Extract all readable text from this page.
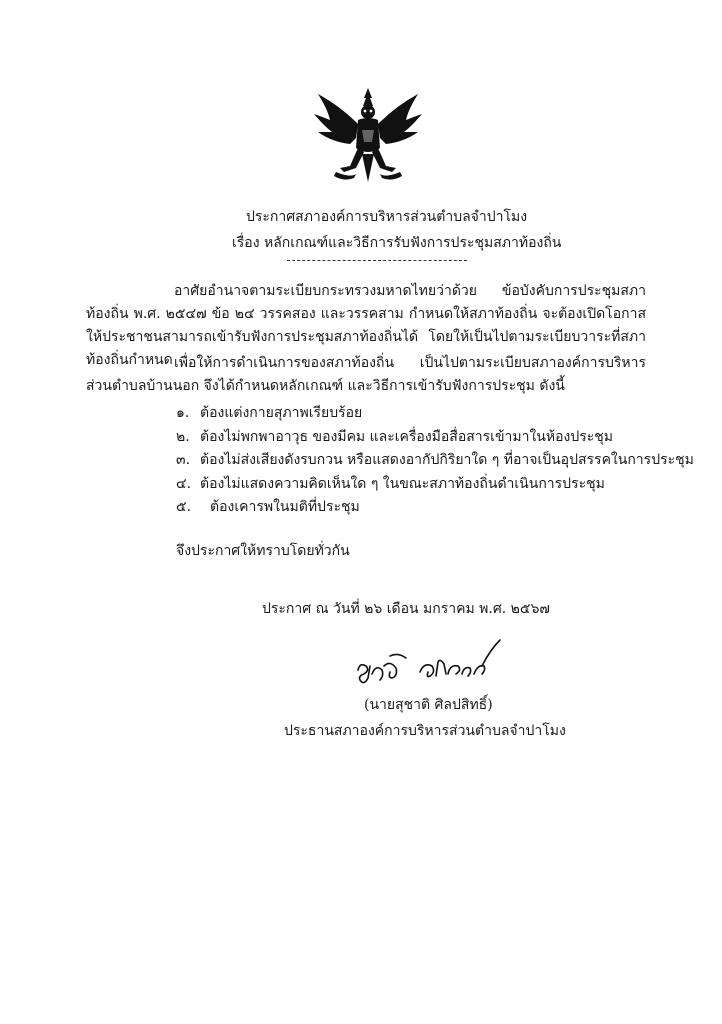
ประกาศสภาองค์การบริหารส่วนตำบลจำปาโมง
เรื่อง หลักเกณฑ์และวิธีการรับฟังการประชุมสภาท้องถิ่น
อาศัยอำนาจตามระเบียบกระทรวงมหาดไทยว่าด้วย ข้อบังคับการประชุมสภาท้องถิ่น พ.ศ. ๒๕๔๗ ข้อ ๒๔ วรรคสอง และวรรคสาม กำหนดให้สภาท้องถิ่น จะต้องเปิดโอกาสให้ประชาชนสามารถเข้ารับฟังการประชุมสภาท้องถิ่นได้ โดยให้เป็นไปตามระเบียบวาระที่สภาท้องถิ่นกำหนด เพื่อให้การดำเนินการของสภาท้องถิ่น เป็นไปตามระเบียบสภาองค์การบริหารส่วนตำบลบ้านนอก จึงได้กำหนดหลักเกณฑ์ และวิธีการเข้ารับฟังการประชุม ดังนี้
๑. ต้องแต่งกายสุภาพเรียบร้อย
๒. ต้องไม่พกพาอาวุธ ของมีคม และเครื่องมือสื่อสารเข้ามาในห้องประชุม
๓. ต้องไม่ส่งเสียงดังรบกวน หรือแสดงอากัปกิริยาใด ๆ ที่อาจเป็นอุปสรรคในการประชุม
๔. ต้องไม่แสดงความคิดเห็นใด ๆ ในขณะสภาท้องถิ่นดำเนินการประชุม
๕.	ต้องเคารพในมติที่ประชุม
จึงประกาศให้ทราบโดยทั่วกัน
ประกาศ ณ วันที่ ๒๖ เดือน มกราคม พ.ศ. ๒๕๖๗
(นายสุชาติ ศิลปสิทธิ์)
ประธานสภาองค์การบริหารส่วนตำบลจำปาโมง
